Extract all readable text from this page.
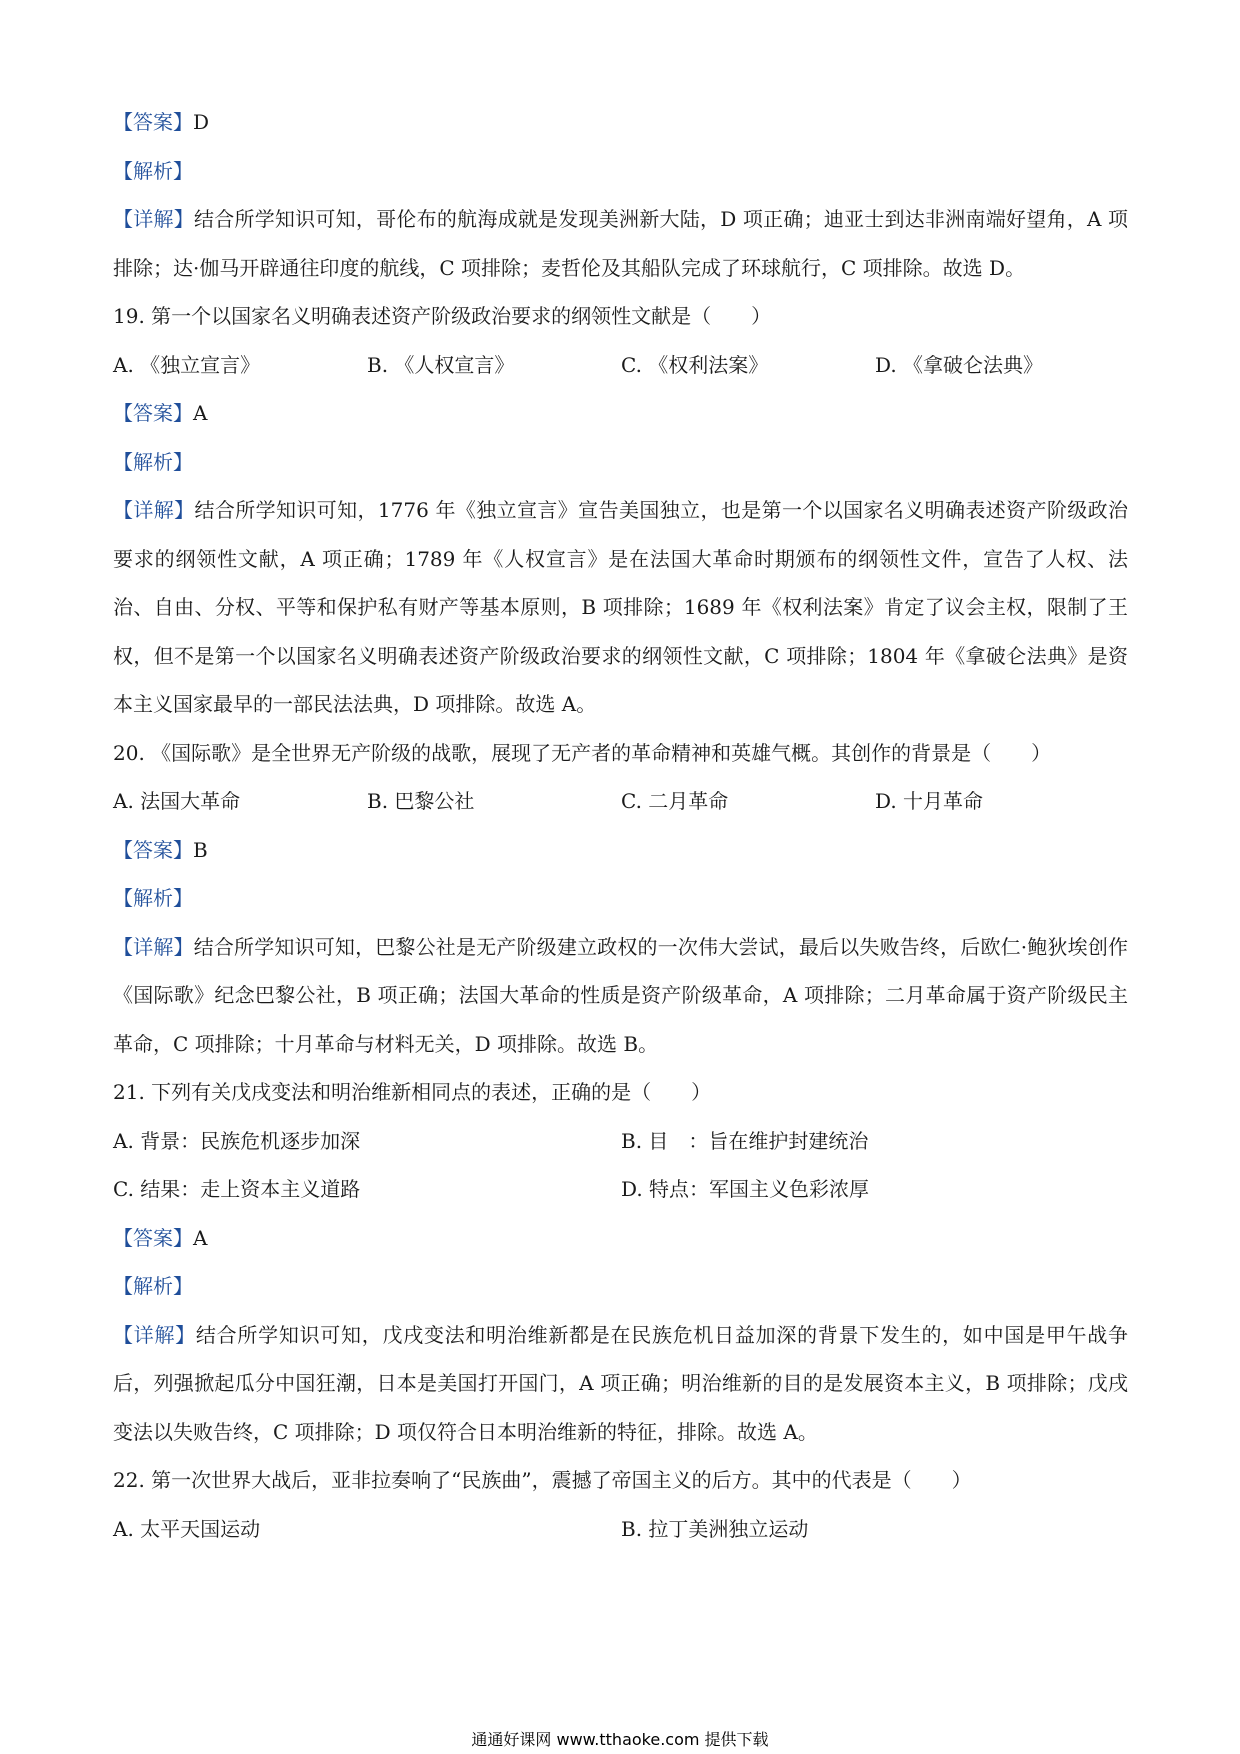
【答案】D
【解析】
【详解】结合所学知识可知，哥伦布的航海成就是发现美洲新大陆，D 项正确；迪亚士到达非洲南端好望角，A 项排除；达·伽马开辟通往印度的航线，C 项排除；麦哲伦及其船队完成了环球航行，C 项排除。故选 D。
19. 第一个以国家名义明确表述资产阶级政治要求的纲领性文献是（　　）
A. 《独立宣言》	B. 《人权宣言》	C. 《权利法案》	D. 《拿破仑法典》
【答案】A
【解析】
【详解】结合所学知识可知，1776 年《独立宣言》宣告美国独立，也是第一个以国家名义明确表述资产阶级政治要求的纲领性文献，A 项正确；1789 年《人权宣言》是在法国大革命时期颁布的纲领性文件，宣告了人权、法治、自由、分权、平等和保护私有财产等基本原则，B 项排除；1689 年《权利法案》肯定了议会主权，限制了王权，但不是第一个以国家名义明确表述资产阶级政治要求的纲领性文献，C 项排除；1804 年《拿破仑法典》是资本主义国家最早的一部民法法典，D 项排除。故选 A。
20. 《国际歌》是全世界无产阶级的战歌，展现了无产者的革命精神和英雄气概。其创作的背景是（　　）
A. 法国大革命	B. 巴黎公社	C. 二月革命	D. 十月革命
【答案】B
【解析】
【详解】结合所学知识可知，巴黎公社是无产阶级建立政权的一次伟大尝试，最后以失败告终，后欧仁·鲍狄埃创作《国际歌》纪念巴黎公社，B 项正确；法国大革命的性质是资产阶级革命，A 项排除；二月革命属于资产阶级民主革命，C 项排除；十月革命与材料无关，D 项排除。故选 B。
21. 下列有关戊戌变法和明治维新相同点的表述，正确的是（　　）
A. 背景：民族危机逐步加深	B. 目　：旨在维护封建统治
C. 结果：走上资本主义道路	D. 特点：军国主义色彩浓厚
【答案】A
【解析】
【详解】结合所学知识可知，戊戌变法和明治维新都是在民族危机日益加深的背景下发生的，如中国是甲午战争后，列强掀起瓜分中国狂潮，日本是美国打开国门，A 项正确；明治维新的目的是发展资本主义，B 项排除；戊戌变法以失败告终，C 项排除；D 项仅符合日本明治维新的特征，排除。故选 A。
22. 第一次世界大战后，亚非拉奏响了“民族曲”，震撼了帝国主义的后方。其中的代表是（　　）
A. 太平天国运动	B. 拉丁美洲独立运动
通通好课网 www.tthaoke.com 提供下载
